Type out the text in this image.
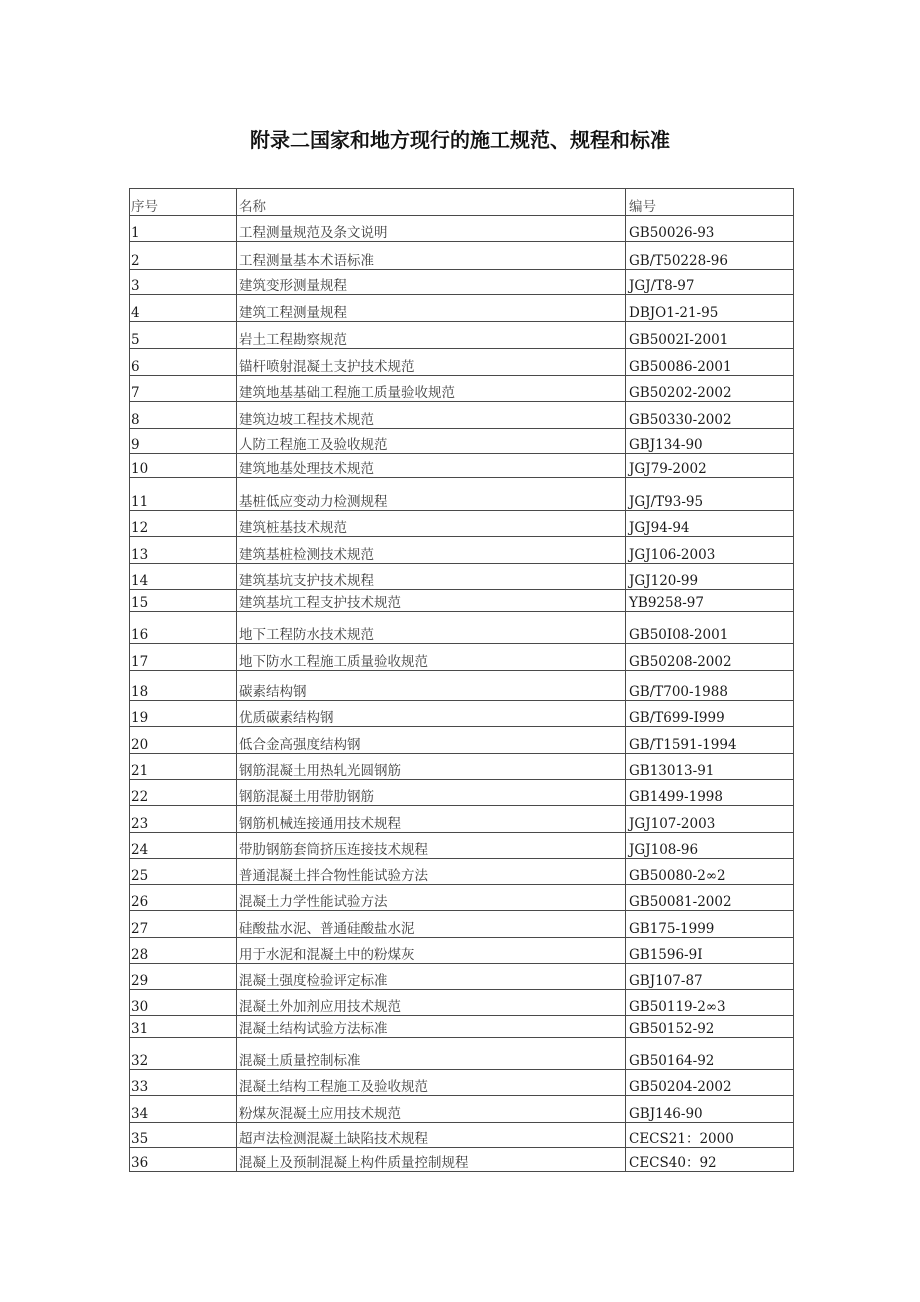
附录二国家和地方现行的施工规范、规程和标准
序号	名称	编号
1	工程测量规范及条文说明	GB50026-93
2	工程测量基本术语标准	GB/T50228-96
3	建筑变形测量规程	JGJ/T8-97
4	建筑工程测量规程	DBJO1-21-95
5	岩土工程勘察规范	GB5002I-2001
6	锚杆喷射混凝土支护技术规范	GB50086-2001
7	建筑地基基础工程施工质量验收规范	GB50202-2002
8	建筑边坡工程技术规范	GB50330-2002
9	人防工程施工及验收规范	GBJ134-90
10	建筑地基处理技术规范	JGJ79-2002
11	基桩低应变动力检测规程	JGJ/T93-95
12	建筑桩基技术规范	JGJ94-94
13	建筑基桩检测技术规范	JGJ106-2003
14	建筑基坑支护技术规程	JGJ120-99
15	建筑基坑工程支护技术规范	YB9258-97
16	地下工程防水技术规范	GB50I08-2001
17	地下防水工程施工质量验收规范	GB50208-2002
18	碳素结构钢	GB/T700-1988
19	优质碳素结构钢	GB/T699-I999
20	低合金高强度结构钢	GB/T1591-1994
21	钢筋混凝土用热轧光圆钢筋	GB13013-91
22	钢筋混凝土用带肋钢筋	GB1499-1998
23	钢筋机械连接通用技术规程	JGJ107-2003
24	带肋钢筋套筒挤压连接技术规程	JGJ108-96
25	普通混凝土拌合物性能试验方法	GB50080-2∞2
26	混凝土力学性能试验方法	GB50081-2002
27	硅酸盐水泥、普通硅酸盐水泥	GB175-1999
28	用于水泥和混凝土中的粉煤灰	GB1596-9I
29	混凝土强度检验评定标准	GBJ107-87
30	混凝土外加剂应用技术规范	GB50119-2∞3
31	混凝土结构试验方法标准	GB50152-92
32	混凝土质量控制标准	GB50164-92
33	混凝土结构工程施工及验收规范	GB50204-2002
34	粉煤灰混凝土应用技术规范	GBJ146-90
35	超声法检测混凝土缺陷技术规程	CECS21：2000
36	混凝上及预制混凝上构件质量控制规程	CECS40：92
